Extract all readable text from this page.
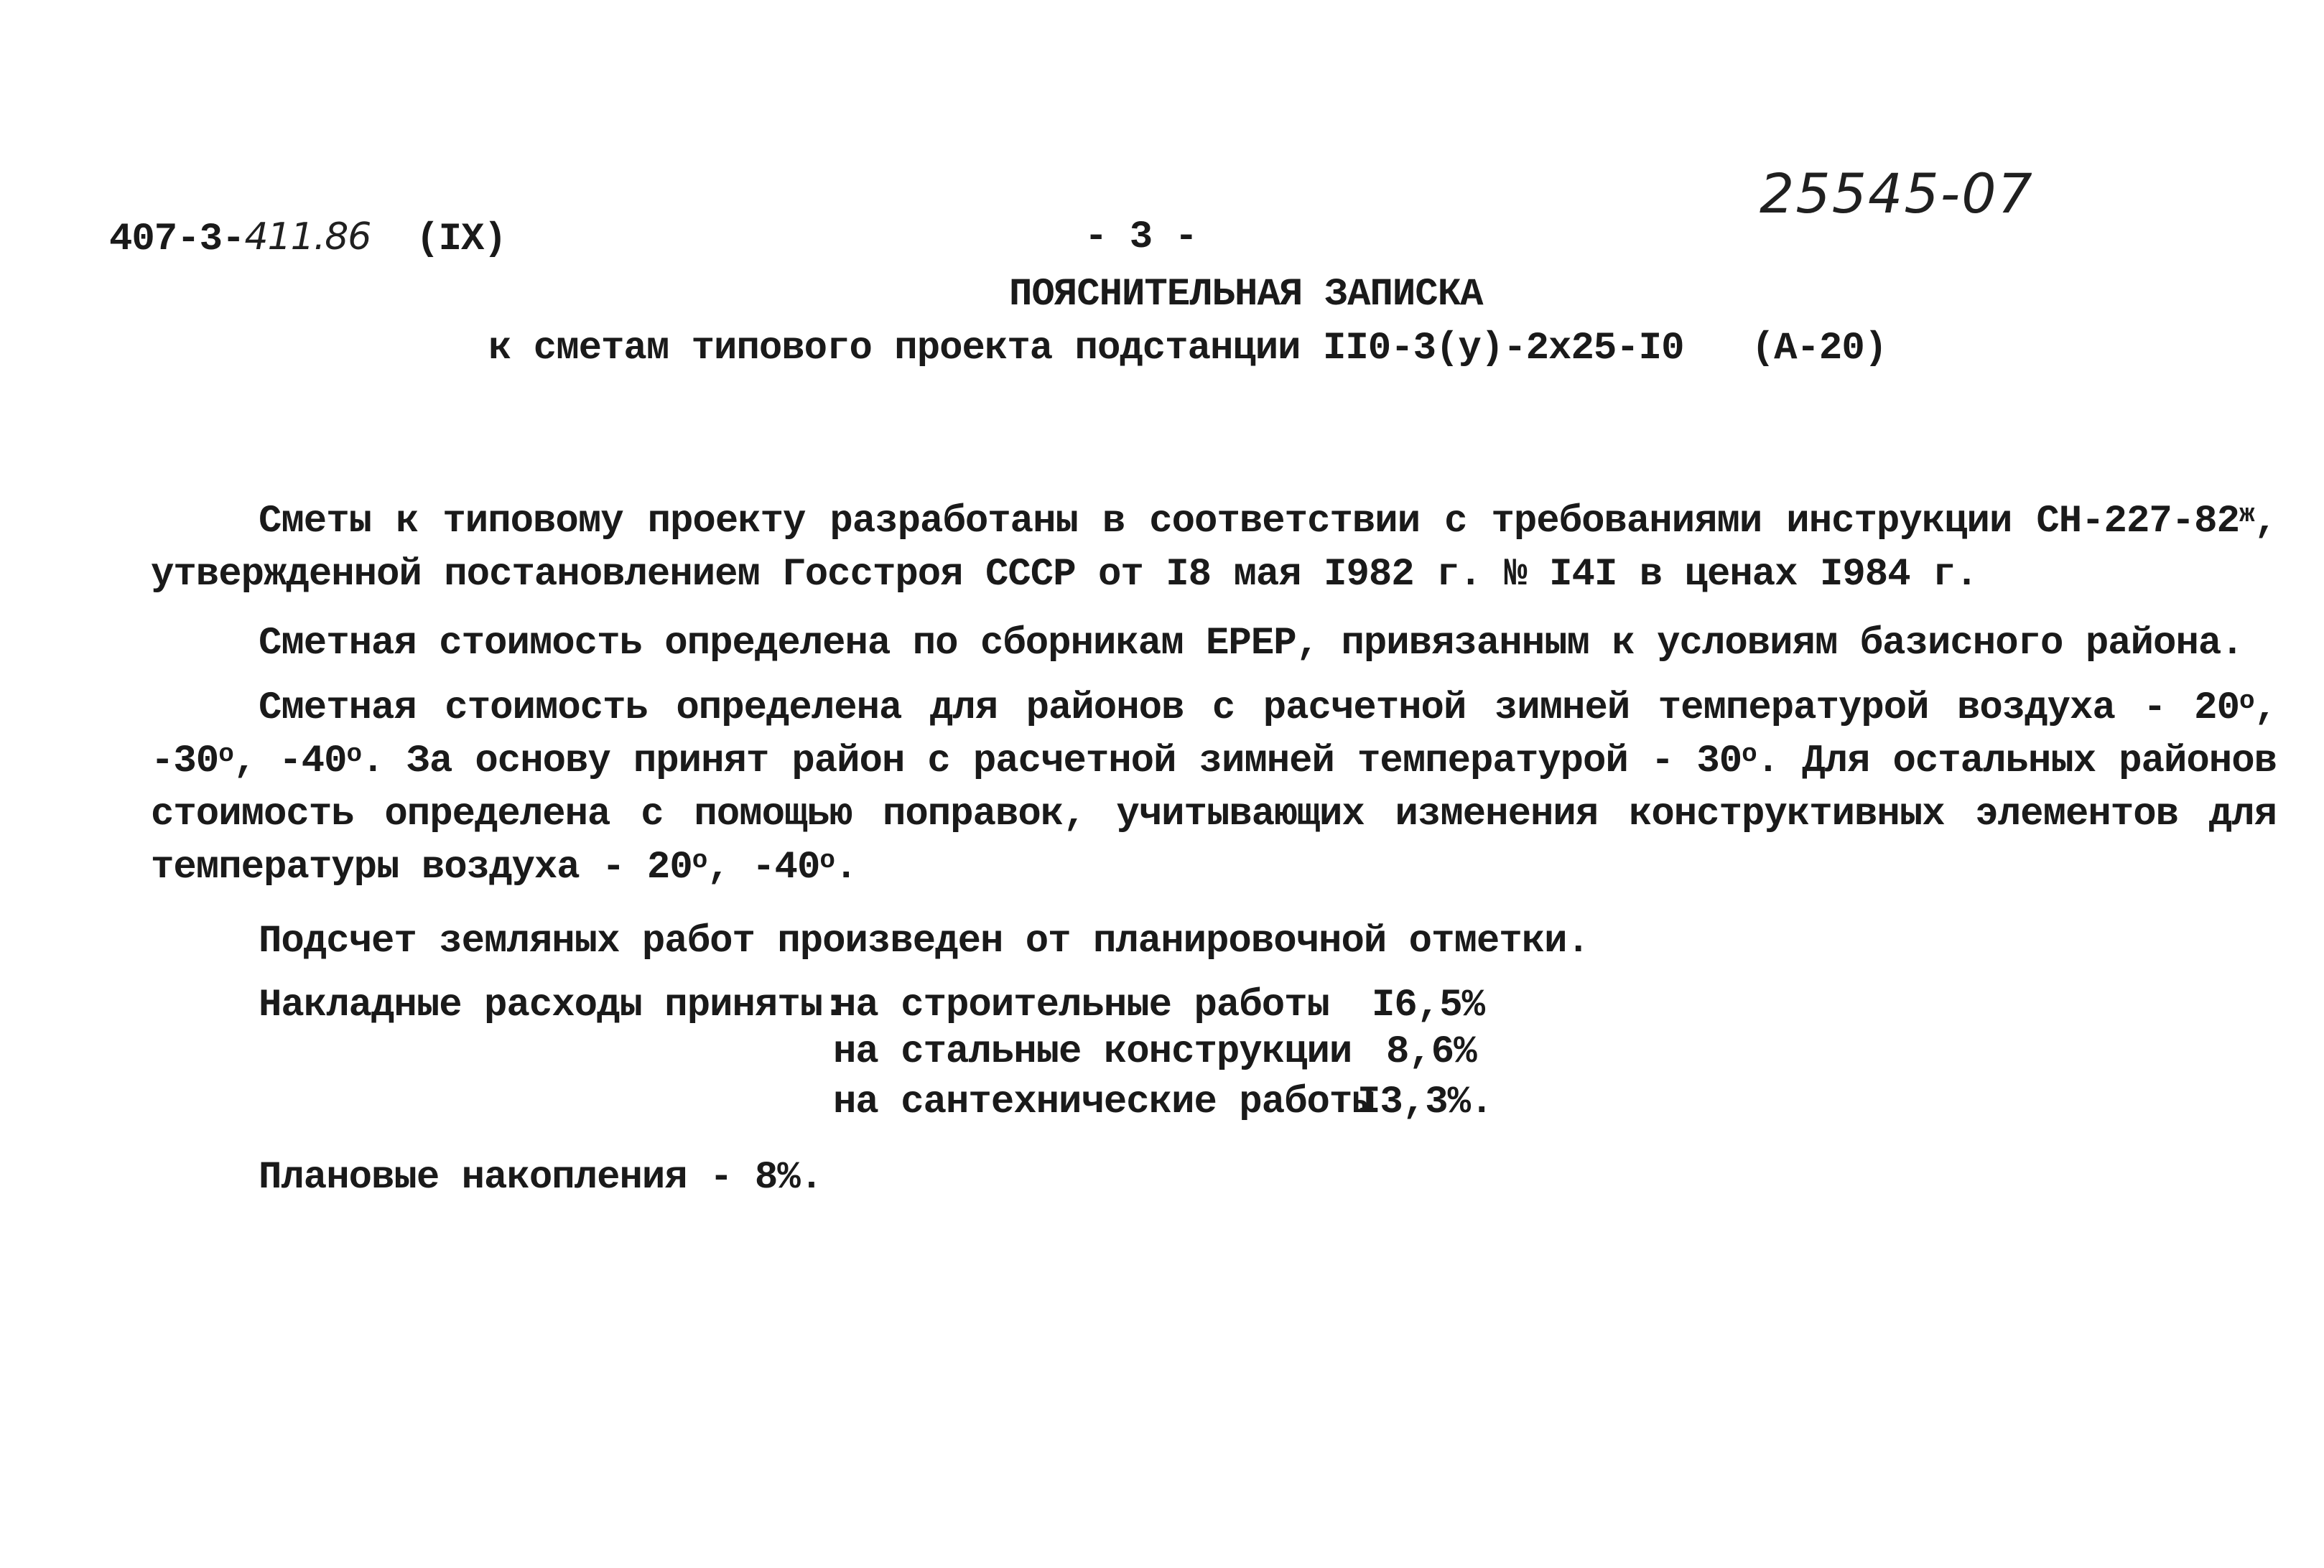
25545-07
407-3-411.86 (IX)	- 3 -
ПОЯСНИТЕЛЬНАЯ ЗАПИСКА
к сметам типового проекта подстанции II0-3(у)-2х25-I0   (А-20)

Сметы к типовому проекту разработаны в соответствии с требованиями инструкции $СН-227-82^ж$, утвержденной постановлением Госстроя СССР от I8 мая I982 г. № I4I в ценах I984 г.

Сметная стоимость определена по сборникам ЕРЕР, привязанным к условиям базисного района.

Сметная стоимость определена для районов с расчетной зимней температурой воздуха - 20$^o$, -30$^o$, -40$^o$. За основу принят район с расчетной зимней температурой - 30$^o$. Для остальных районов стоимость определена с помощью поправок, учитывающих изменения конструктивных элементов для температуры воздуха - 20$^o$, -40$^o$.

Подсчет земляных работ произведен от планировочной отметки.

Накладные расходы приняты:
на строительные работы I6,5%
на стальные конструкции 8,6%
на сантехнические работы
I3,3%.
Плановые накопления - 8%.
